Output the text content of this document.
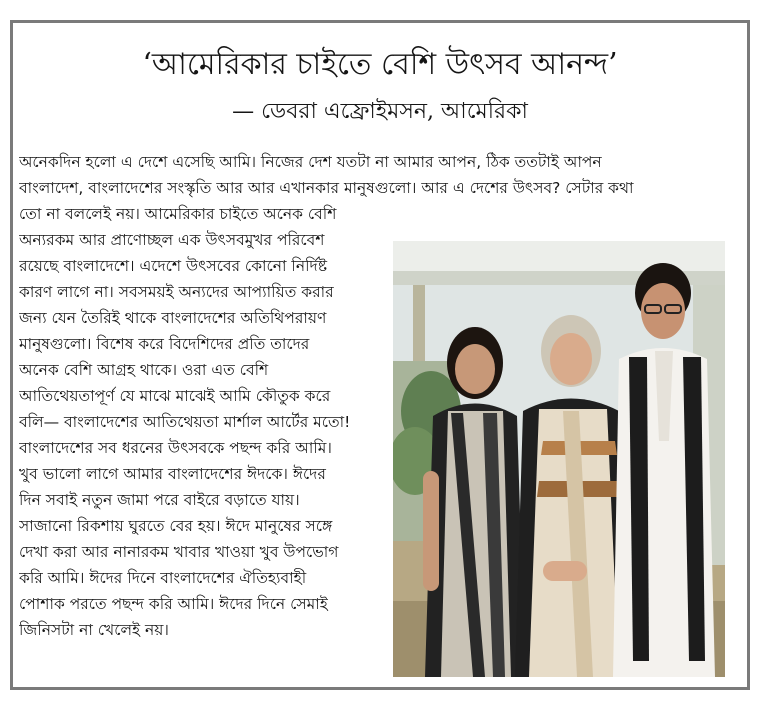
‘আমেরিকার চাইতে বেশি উৎসব আনন্দ’
— ডেবরা এফ্রোইমসন, আমেরিকা
অনেকদিন হলো এ দেশে এসেছি আমি। নিজের দেশ যতটা না আমার আপন, ঠিক ততটাই আপন
বাংলাদেশ, বাংলাদেশের সংস্কৃতি আর আর এখানকার মানুষগুলো। আর এ দেশের উৎসব? সেটার কথা
তো না বললেই নয়। আমেরিকার চাইতে অনেক বেশি
অন্যরকম আর প্রাণোচ্ছল এক উৎসবমুখর পরিবেশ
রয়েছে বাংলাদেশে। এদেশে উৎসবের কোনো নির্দিষ্ট
কারণ লাগে না। সবসময়ই অন্যদের আপ্যায়িত করার
জন্য যেন তৈরিই থাকে বাংলাদেশের অতিথিপরায়ণ
মানুষগুলো। বিশেষ করে বিদেশিদের প্রতি তাদের
অনেক বেশি আগ্রহ থাকে। ওরা এত বেশি
আতিথেয়তাপূর্ণ যে মাঝে মাঝেই আমি কৌতুক করে
বলি— বাংলাদেশের আতিথেয়তা মার্শাল আর্টের মতো!
বাংলাদেশের সব ধরনের উৎসবকে পছন্দ করি আমি।
খুব ভালো লাগে আমার বাংলাদেশের ঈদকে। ঈদের
দিন সবাই নতুন জামা পরে বাইরে বড়াতে যায়।
সাজানো রিকশায় ঘুরতে বের হয়। ঈদে মানুষের সঙ্গে
দেখা করা আর নানারকম খাবার খাওয়া খুব উপভোগ
করি আমি। ঈদের দিনে বাংলাদেশের ঐতিহ্যবাহী
পোশাক পরতে পছন্দ করি আমি। ঈদের দিনে সেমাই
জিনিসটা না খেলেই নয়।
